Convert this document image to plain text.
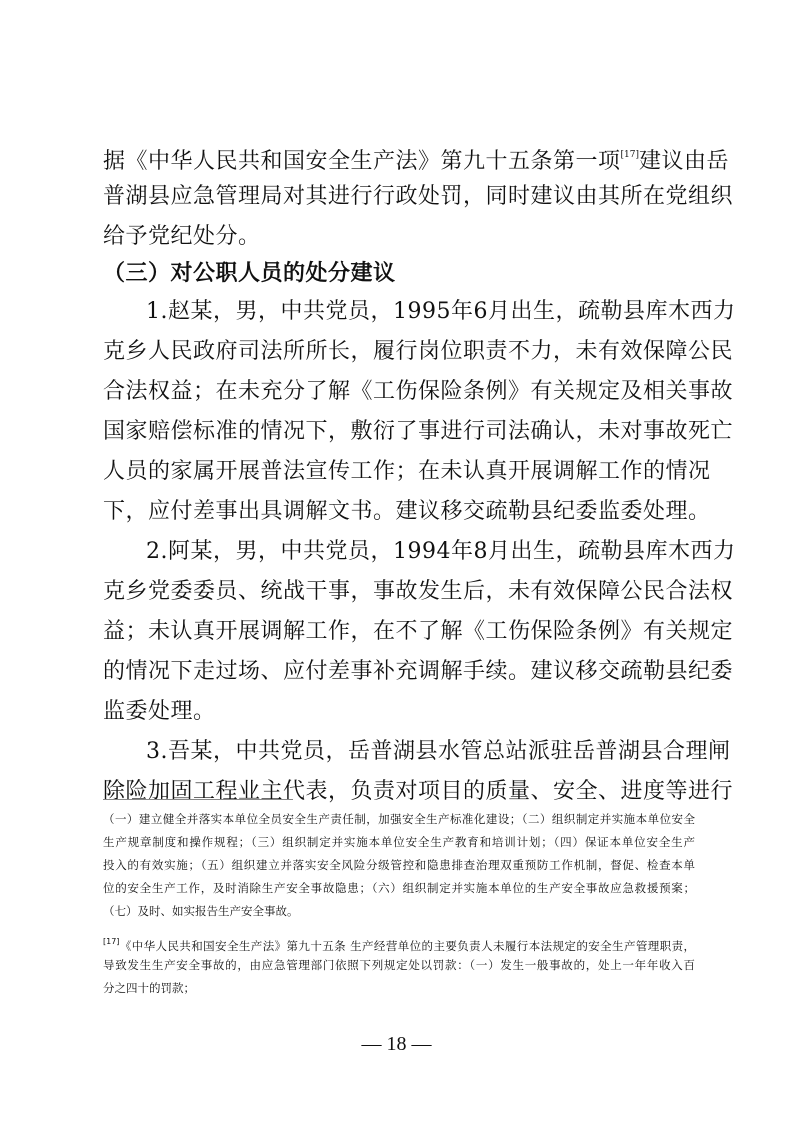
据《中华人民共和国安全生产法》第九十五条第一项[17]建议由岳
普湖县应急管理局对其进行行政处罚，同时建议由其所在党组织
给予党纪处分。
（三）对公职人员的处分建议
1.赵某，男，中共党员，1995年6月出生，疏勒县库木西力
克乡人民政府司法所所长，履行岗位职责不力，未有效保障公民
合法权益；在未充分了解《工伤保险条例》有关规定及相关事故
国家赔偿标准的情况下，敷衍了事进行司法确认，未对事故死亡
人员的家属开展普法宣传工作；在未认真开展调解工作的情况
下，应付差事出具调解文书。建议移交疏勒县纪委监委处理。
2.阿某，男，中共党员，1994年8月出生，疏勒县库木西力
克乡党委委员、统战干事，事故发生后，未有效保障公民合法权
益；未认真开展调解工作，在不了解《工伤保险条例》有关规定
的情况下走过场、应付差事补充调解手续。建议移交疏勒县纪委
监委处理。
3.吾某，中共党员，岳普湖县水管总站派驻岳普湖县合理闸
除险加固工程业主代表，负责对项目的质量、安全、进度等进行
（一）建立健全并落实本单位全员安全生产责任制，加强安全生产标准化建设；（二）组织制定并实施本单位安全
生产规章制度和操作规程；（三）组织制定并实施本单位安全生产教育和培训计划；（四）保证本单位安全生产
投入的有效实施；（五）组织建立并落实安全风险分级管控和隐患排查治理双重预防工作机制，督促、检查本单
位的安全生产工作，及时消除生产安全事故隐患；（六）组织制定并实施本单位的生产安全事故应急救援预案；
（七）及时、如实报告生产安全事故。
[17]《中华人民共和国安全生产法》第九十五条 生产经营单位的主要负责人未履行本法规定的安全生产管理职责，
导致发生生产安全事故的，由应急管理部门依照下列规定处以罚款：（一）发生一般事故的，处上一年年收入百
分之四十的罚款；
— 18 —
